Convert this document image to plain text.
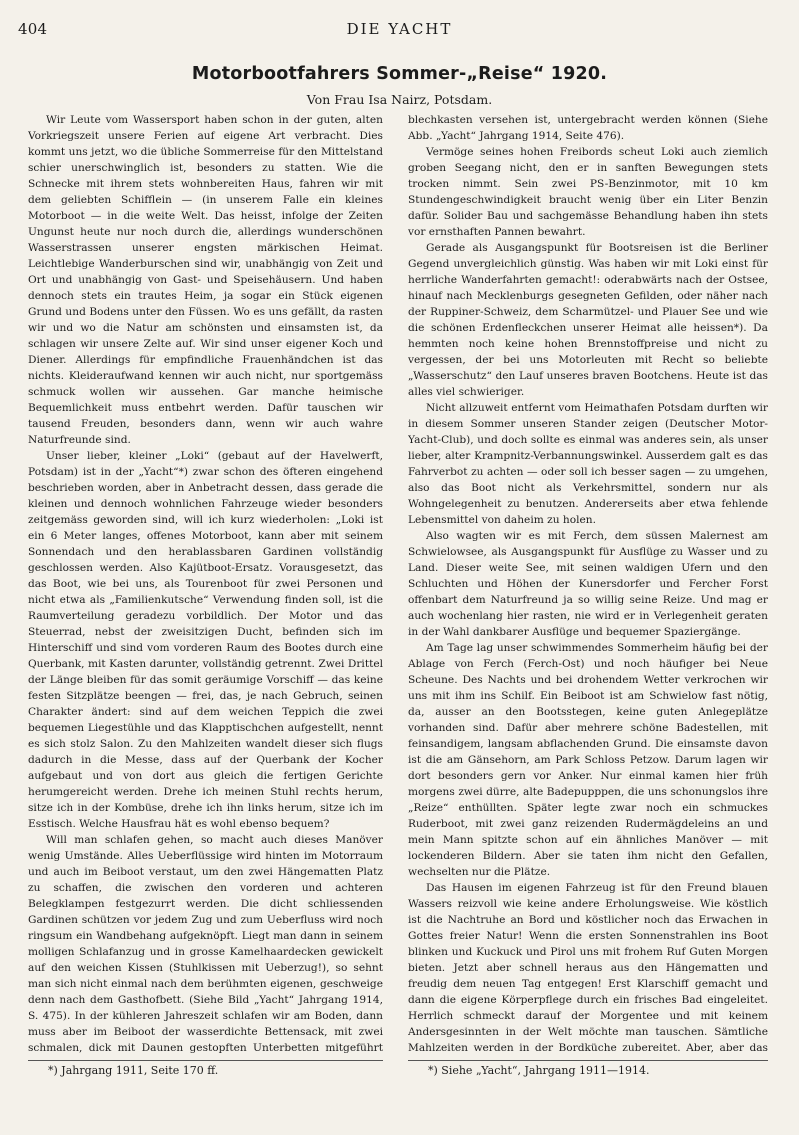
404	DIE YACHT
Motorbootfahrers Sommer-„Reise“ 1920.
Von Frau Isa Nairz, Potsdam.

Wir Leute vom Wassersport haben schon in der guten, alten Vorkriegszeit unsere Ferien auf eigene Art verbracht. Dies kommt uns jetzt, wo die übliche Sommerreise für den Mittelstand schier unerschwinglich ist, besonders zu statten. Wie die Schnecke mit ihrem stets wohnbereiten Haus, fahren wir mit dem geliebten Schifflein — (in unserem Falle ein kleines Motorboot — in die weite Welt. Das heisst, infolge der Zeiten Ungunst heute nur noch durch die, allerdings wunderschönen Wasserstrassen unserer engsten märkischen Heimat. Leichtlebige Wanderburschen sind wir, unabhängig von Zeit und Ort und unabhängig von Gast- und Speisehäusern. Und haben dennoch stets ein trautes Heim, ja sogar ein Stück eigenen Grund und Bodens unter den Füssen. Wo es uns gefällt, da rasten wir und wo die Natur am schönsten und einsamsten ist, da schlagen wir unsere Zelte auf. Wir sind unser eigener Koch und Diener. Allerdings für empfindliche Frauenhändchen ist das nichts. Kleideraufwand kennen wir auch nicht, nur sportgemäss schmuck wollen wir aussehen. Gar manche heimische Bequemlichkeit muss entbehrt werden. Dafür tauschen wir tausend Freuden, besonders dann, wenn wir auch wahre Naturfreunde sind.

Unser lieber, kleiner „Loki“ (gebaut auf der Havelwerft, Potsdam) ist in der „Yacht“*) zwar schon des öfteren eingehend beschrieben worden, aber in Anbetracht dessen, dass gerade die kleinen und dennoch wohnlichen Fahrzeuge wieder besonders zeitgemäss geworden sind, will ich kurz wiederholen: „Loki ist ein 6 Meter langes, offenes Motorboot, kann aber mit seinem Sonnendach und den herablassbaren Gardinen vollständig geschlossen werden. Also Kajütboot-Ersatz. Vorausgesetzt, das das Boot, wie bei uns, als Tourenboot für zwei Personen und nicht etwa als „Familienkutsche“ Verwendung finden soll, ist die Raumverteilung geradezu vorbildlich. Der Motor und das Steuerrad, nebst der zweisitzigen Ducht, befinden sich im Hinterschiff und sind vom vorderen Raum des Bootes durch eine Querbank, mit Kasten darunter, vollständig getrennt. Zwei Drittel der Länge bleiben für das somit geräumige Vorschiff — das keine festen Sitzplätze beengen — frei, das, je nach Gebruch, seinen Charakter ändert: sind auf dem weichen Teppich die zwei bequemen Liegestühle und das Klapptischchen aufgestellt, nennt es sich stolz Salon. Zu den Mahlzeiten wandelt dieser sich flugs dadurch in die Messe, dass auf der Querbank der Kocher aufgebaut und von dort aus gleich die fertigen Gerichte herumgereicht werden. Drehe ich meinen Stuhl rechts herum, sitze ich in der Kombüse, drehe ich ihn links herum, sitze ich im Esstisch. Welche Hausfrau hät es wohl ebenso bequem?

Will man schlafen gehen, so macht auch dieses Manöver wenig Umstände. Alles Ueberflüssige wird hinten im Motorraum und auch im Beiboot verstaut, um den zwei Hängematten Platz zu schaffen, die zwischen den vorderen und achteren Belegklampen festgezurrt werden. Die dicht schliessenden Gardinen schützen vor jedem Zug und zum Ueberfluss wird noch ringsum ein Wandbehang aufgeknöpft. Liegt man dann in seinem molligen Schlafanzug und in grosse Kamelhaardecken gewickelt auf den weichen Kissen (Stuhlkissen mit Ueberzug!), so sehnt man sich nicht einmal nach dem berühmten eigenen, geschweige denn nach dem Gasthofbett. (Siehe Bild „Yacht“ Jahrgang 1914, S. 475). In der kühleren Jahreszeit schlafen wir am Boden, dann muss aber im Beiboot der wasserdichte Bettensack, mit zwei schmalen, dick mit Daunen gestopften Unterbetten mitgeführt

blechkasten versehen ist, untergebracht werden können (Siehe Abb. „Yacht“ Jahrgang 1914, Seite 476).

Vermöge seines hohen Freibords scheut Loki auch ziemlich groben Seegang nicht, den er in sanften Bewegungen stets trocken nimmt. Sein zwei PS-Benzinmotor, mit 10 km Stundengeschwindigkeit braucht wenig über ein Liter Benzin dafür. Solider Bau und sachgemässe Behandlung haben ihn stets vor ernsthaften Pannen bewahrt.

Gerade als Ausgangspunkt für Bootsreisen ist die Berliner Gegend unvergleichlich günstig. Was haben wir mit Loki einst für herrliche Wanderfahrten gemacht!: oderabwärts nach der Ostsee, hinauf nach Mecklenburgs gesegneten Gefilden, oder näher nach der Ruppiner-Schweiz, dem Scharmützel- und Plauer See und wie die schönen Erdenfleckchen unserer Heimat alle heissen*). Da hemmten noch keine hohen Brennstoffpreise und nicht zu vergessen, der bei uns Motorleuten mit Recht so beliebte „Wasserschutz“ den Lauf unseres braven Bootchens. Heute ist das alles viel schwieriger.

Nicht allzuweit entfernt vom Heimathafen Potsdam durften wir in diesem Sommer unseren Stander zeigen (Deutscher Motor-Yacht-Club), und doch sollte es einmal was anderes sein, als unser lieber, alter Krampnitz-Verbannungswinkel. Ausserdem galt es das Fahrverbot zu achten — oder soll ich besser sagen — zu umgehen, also das Boot nicht als Verkehrsmittel, sondern nur als Wohngelegenheit zu benutzen. Andererseits aber etwa fehlende Lebensmittel von daheim zu holen.

Also wagten wir es mit Ferch, dem süssen Malernest am Schwielowsee, als Ausgangspunkt für Ausflüge zu Wasser und zu Land. Dieser weite See, mit seinen waldigen Ufern und den Schluchten und Höhen der Kunersdorfer und Fercher Forst offenbart dem Naturfreund ja so willig seine Reize. Und mag er auch wochenlang hier rasten, nie wird er in Verlegenheit geraten in der Wahl dankbarer Ausflüge und bequemer Spaziergänge.

Am Tage lag unser schwimmendes Sommerheim häufig bei der Ablage von Ferch (Ferch-Ost) und noch häufiger bei Neue Scheune. Des Nachts und bei drohendem Wetter verkrochen wir uns mit ihm ins Schilf. Ein Beiboot ist am Schwielow fast nötig, da, ausser an den Bootsstegen, keine guten Anlegeplätze vorhanden sind. Dafür aber mehrere schöne Badestellen, mit feinsandigem, langsam abflachenden Grund. Die einsamste davon ist die am Gänsehorn, am Park Schloss Petzow. Darum lagen wir dort besonders gern vor Anker. Nur einmal kamen hier früh morgens zwei dürre, alte Badepupppen, die uns schonungslos ihre „Reize“ enthüllten. Später legte zwar noch ein schmuckes Ruderboot, mit zwei ganz reizenden Rudermägdeleins an und mein Mann spitzte schon auf ein ähnliches Manöver — mit lockenderen Bildern. Aber sie taten ihm nicht den Gefallen, wechselten nur die Plätze.

Das Hausen im eigenen Fahrzeug ist für den Freund blauen Wassers reizvoll wie keine andere Erholungsweise. Wie köstlich ist die Nachtruhe an Bord und köstlicher noch das Erwachen in Gottes freier Natur! Wenn die ersten Sonnenstrahlen ins Boot blinken und Kuckuck und Pirol uns mit frohem Ruf Guten Morgen bieten. Jetzt aber schnell heraus aus den Hängematten und freudig dem neuen Tag entgegen! Erst Klarschiff gemacht und dann die eigene Körperpflege durch ein frisches Bad eingeleitet. Herrlich schmeckt darauf der Morgentee und mit keinem Andersgesinnten in der Welt möchte man tauschen. Sämtliche Mahlzeiten werden in der Bordküche zubereitet. Aber, aber das

*) Jahrgang 1911, Seite 170 ff.	*) Siehe „Yacht“, Jahrgang 1911—1914.
